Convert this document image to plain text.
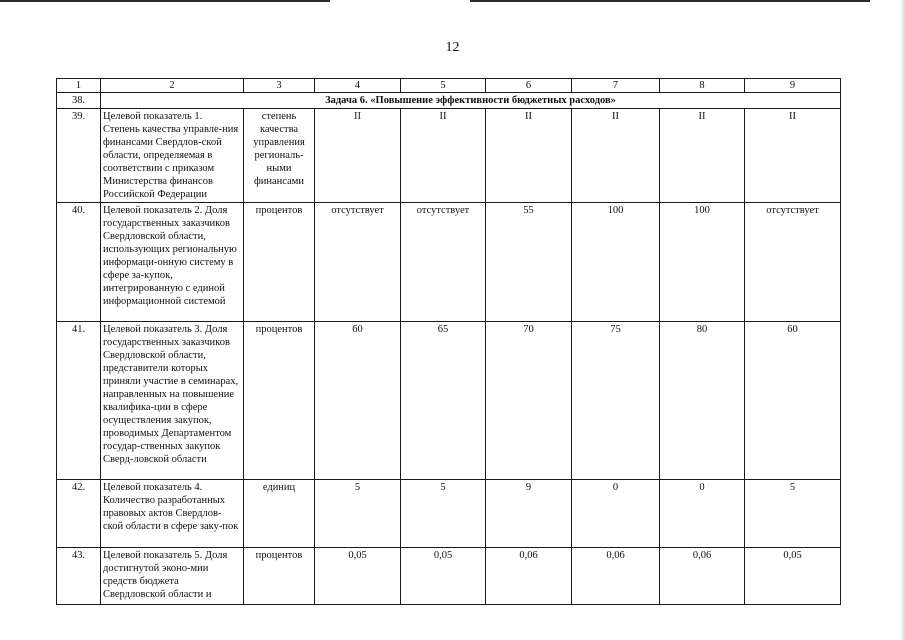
12
1	2	3	4	5	6	7	8	9
38.	Задача 6. «Повышение эффективности бюджетных расходов»							
39.	Целевой показатель 1. Степень качества управле-ния финансами Свердлов-ской области, определяемая в соответствии с приказом Министерства финансов Российской Федерации	степень качества управления региональ-ными финансами	II	II	II	II	II	II
40.	Целевой показатель 2. Доля государственных заказчиков Свердловской области, использующих региональную информаци-онную систему в сфере за-купок, интегрированную с единой информационной системой	процентов	отсутствует	отсутствует	55	100	100	отсутствует
41.	Целевой показатель 3. Доля государственных заказчиков Свердловской области, представители которых приняли участие в семинарах, направленных на повышение квалифика-ции в сфере осуществления закупок, проводимых Департаментом государ-ственных закупок Сверд-ловской области	процентов	60	65	70	75	80	60
42.	Целевой показатель 4. Количество разработанных правовых актов Свердлов-ской области в сфере заку-пок	единиц	5	5	9	0	0	5
43.	Целевой показатель 5. Доля достигнутой эконо-мии средств бюджета Свердловской области и	процентов	0,05	0,05	0,06	0,06	0,06	0,05
